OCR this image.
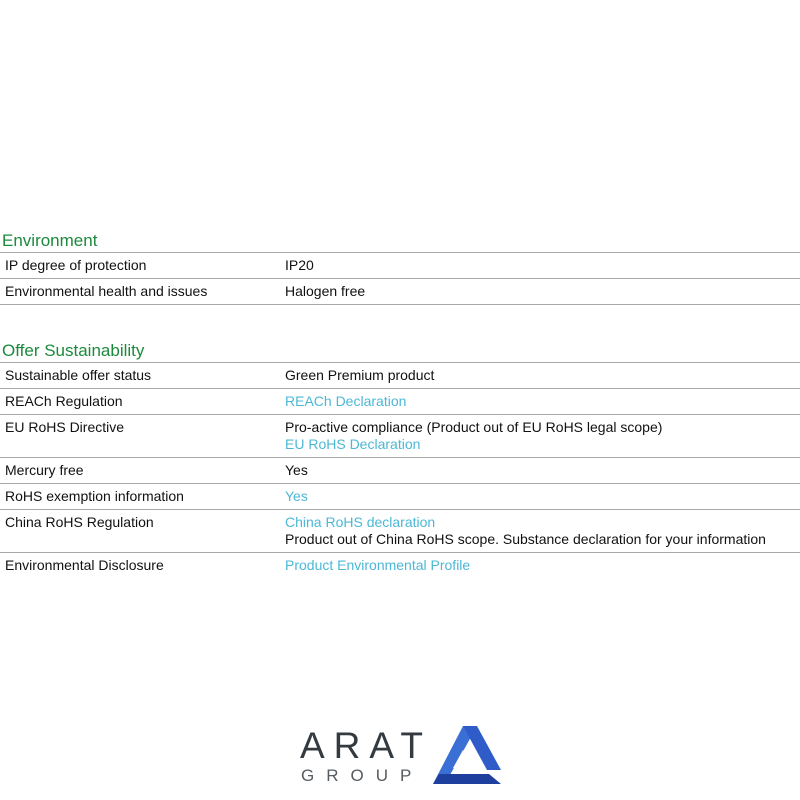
Environment
IP degree of protection	IP20
Environmental health and issues	Halogen free
Offer Sustainability
Sustainable offer status	Green Premium product
REACh Regulation	REACh Declaration
EU RoHS Directive	Pro-active compliance (Product out of EU RoHS legal scope)
EU RoHS Declaration
Mercury free	Yes
RoHS exemption information	Yes
China RoHS Regulation	China RoHS declaration
Product out of China RoHS scope. Substance declaration for your information
Environmental Disclosure	Product Environmental Profile
ARAT
GROUP
